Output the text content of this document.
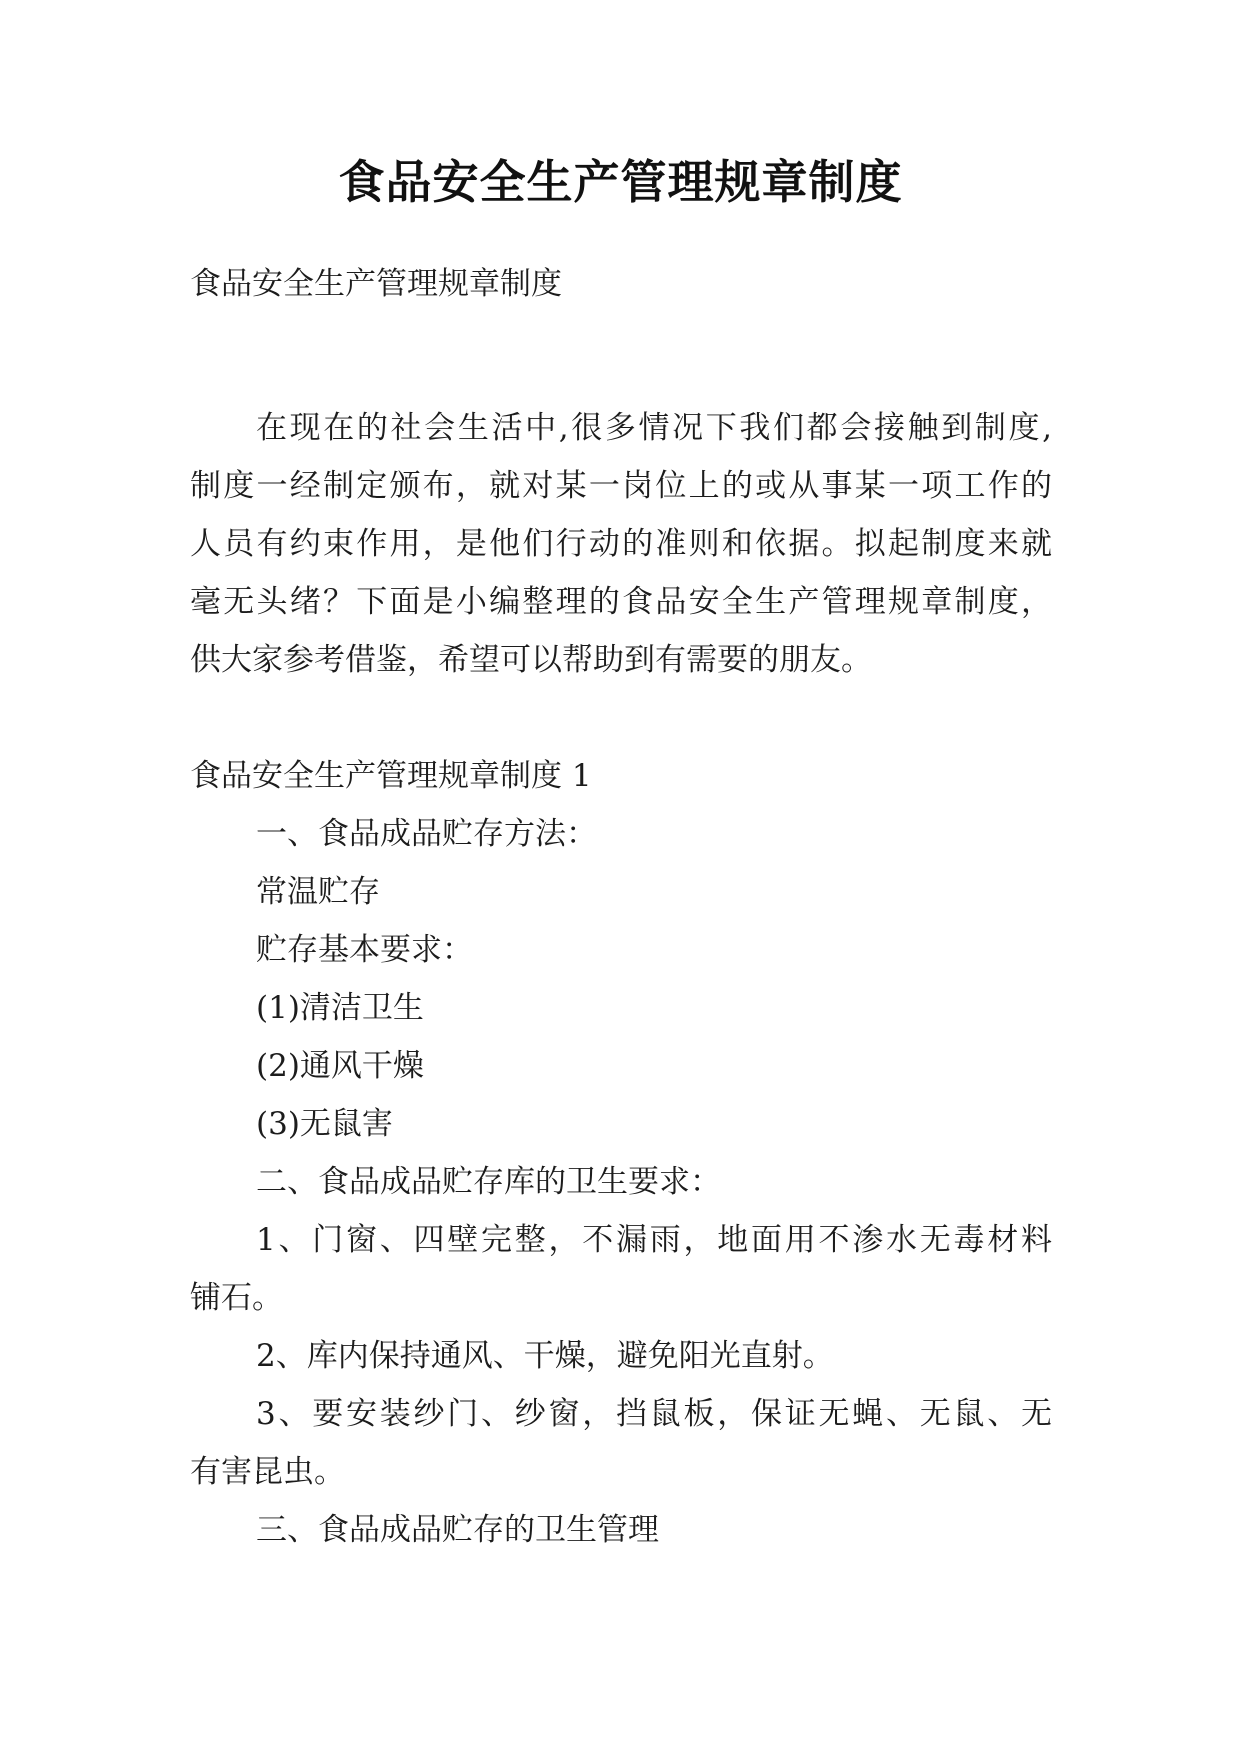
食品安全生产管理规章制度
食品安全生产管理规章制度
在现在的社会生活中,很多情况下我们都会接触到制度,
制度一经制定颁布，就对某一岗位上的或从事某一项工作的
人员有约束作用，是他们行动的准则和依据。拟起制度来就
毫无头绪？下面是小编整理的食品安全生产管理规章制度，
供大家参考借鉴，希望可以帮助到有需要的朋友。
食品安全生产管理规章制度 1
一、食品成品贮存方法：
常温贮存
贮存基本要求：
(1)清洁卫生
(2)通风干燥
(3)无鼠害
二、食品成品贮存库的卫生要求：
1、门窗、四壁完整，不漏雨，地面用不渗水无毒材料
铺石。
2、库内保持通风、干燥，避免阳光直射。
3、要安装纱门、纱窗，挡鼠板，保证无蝇、无鼠、无
有害昆虫。
三、食品成品贮存的卫生管理
